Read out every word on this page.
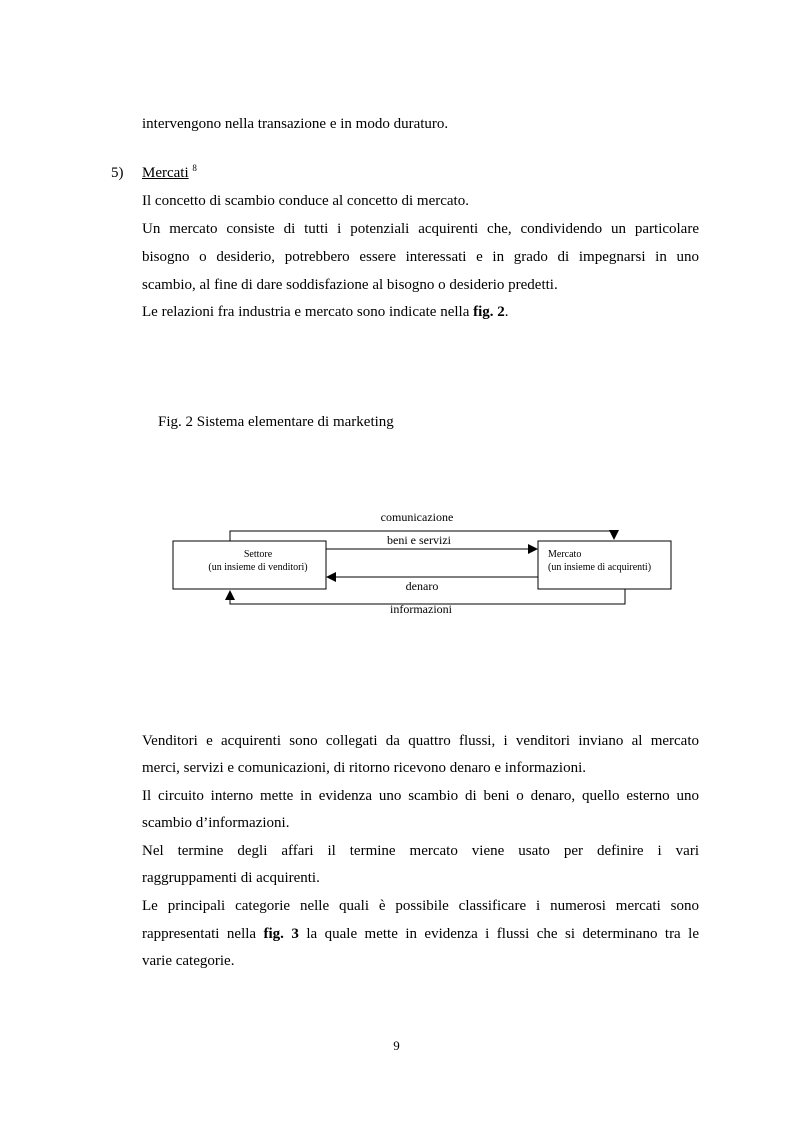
intervengono nella transazione e in modo duraturo.
5) Mercati $^8$
Il concetto di scambio conduce al concetto di mercato.
Un mercato consiste di tutti i potenziali acquirenti che, condividendo un particolare
bisogno o desiderio, potrebbero essere interessati e in grado di impegnarsi in uno
scambio, al fine di dare soddisfazione al bisogno o desiderio predetti.
Le relazioni fra industria e mercato sono indicate nella fig. 2.
Fig. 2 Sistema elementare di marketing
Settore
(un insieme di venditori)
Mercato
(un insieme di acquirenti)
comunicazione
beni e servizi
denaro
informazioni
Venditori e acquirenti sono collegati da quattro flussi, i venditori inviano al mercato
merci, servizi e comunicazioni, di ritorno ricevono denaro e informazioni.
Il circuito interno mette in evidenza uno scambio di beni o denaro, quello esterno uno
scambio d’informazioni.
Nel termine degli affari il termine mercato viene usato per definire i vari
raggruppamenti di acquirenti.
Le principali categorie nelle quali è possibile classificare i numerosi mercati sono
rappresentati nella fig. 3 la quale mette in evidenza i flussi che si determinano tra le
varie categorie.
9
